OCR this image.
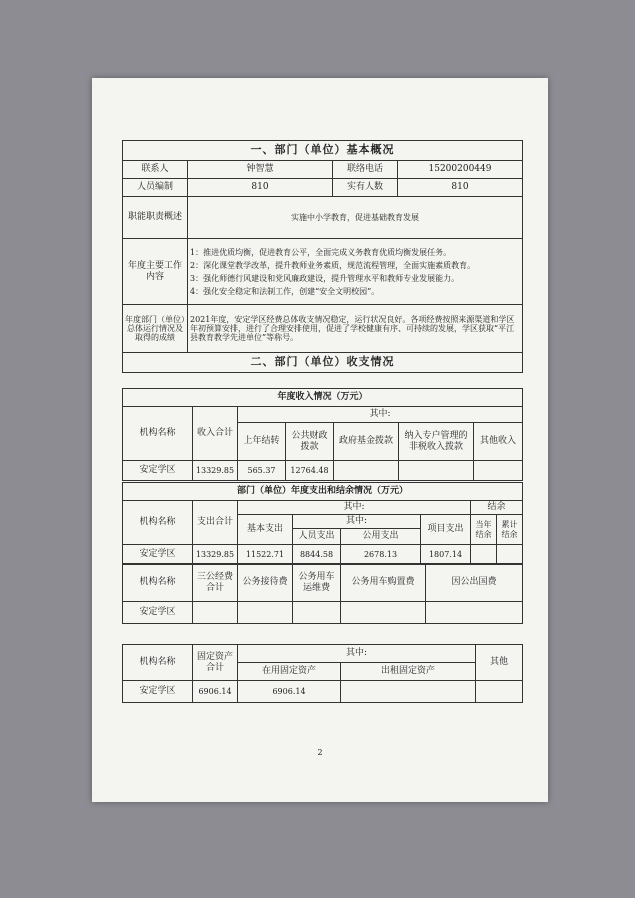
一、部门（单位）基本概况			
联系人	钟智慧	联络电话	15200200449
人员编制	810	实有人数	810
职能职责概述	实施中小学教育，促进基础教育发展		
年度主要工作内容	1：推进优质均衡，促进教育公平，全面完成义务教育优质均衡发展任务。
2：深化课堂教学改革，提升教师业务素质，规范流程管理，全面实施素质教育。
3：强化师德行风建设和党风廉政建设，提升管理水平和教师专业发展能力。
4：强化安全稳定和法制工作，创建“安全文明校园”。		

年度部门（单位）总体运行情况及取得的成绩	2021年度，安定学区经费总体收支情况稳定，运行状况良好。各项经费按照来源渠道和学区年初预算安排，进行了合理安排使用，促进了学校健康有序、可持续的发展，学区获取“平江县教育教学先进单位”等称号。		
二、部门（单位）收支情况			
年度收入情况（万元）						
机构名称	收入合计	其中:				
		上年结转	公共财政拨款	政府基金拨款	纳入专户管理的非税收入拨款	其他收入
安定学区	13329.85	565.37	12764.48			
部门（单位）年度支出和结余情况（万元）							
机构名称	支出合计	其中:				结余	
		基本支出	其中:		项目支出	当年结余	累计结余
			人员支出	公用支出			
安定学区	13329.85	11522.71	8844.58	2678.13	1807.14		
机构名称	三公经费合计	公务接待费	公务用车运维费	公务用车购置费	因公出国费
安定学区					
机构名称	固定资产合计	其中:		其他
		在用固定资产	出租固定资产	
安定学区	6906.14	6906.14		
2
